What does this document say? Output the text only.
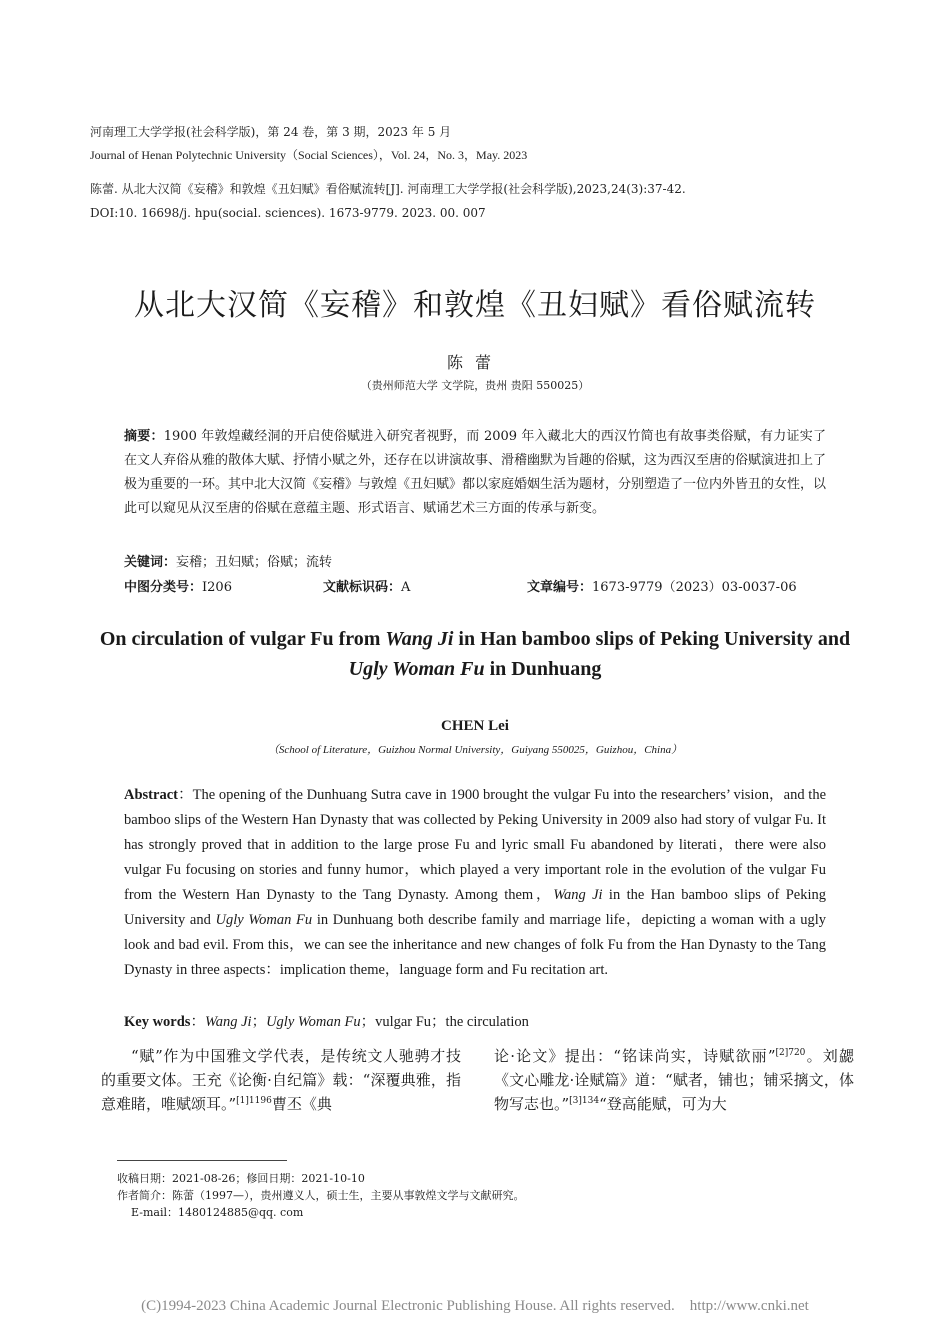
河南理工大学学报(社会科学版)，第 24 卷，第 3 期，2023 年 5 月
Journal of Henan Polytechnic University（Social Sciences），Vol. 24，No. 3，May. 2023
陈蕾. 从北大汉简《妄稽》和敦煌《丑妇赋》看俗赋流转[J]. 河南理工大学学报(社会科学版),2023,24(3):37-42.
DOI:10. 16698/j. hpu(social. sciences). 1673-9779. 2023. 00. 007
从北大汉简《妄稽》和敦煌《丑妇赋》看俗赋流转
陈蕾
（贵州师范大学 文学院，贵州 贵阳 550025）
摘要：1900 年敦煌藏经洞的开启使俗赋进入研究者视野，而 2009 年入藏北大的西汉竹简也有故事类俗赋，有力证实了在文人弃俗从雅的散体大赋、抒情小赋之外，还存在以讲演故事、滑稽幽默为旨趣的俗赋，这为西汉至唐的俗赋演进扣上了极为重要的一环。其中北大汉简《妄稽》与敦煌《丑妇赋》都以家庭婚姻生活为题材，分别塑造了一位内外皆丑的女性，以此可以窥见从汉至唐的俗赋在意蕴主题、形式语言、赋诵艺术三方面的传承与新变。
关键词：妄稽；丑妇赋；俗赋；流转
中图分类号：I206	文献标识码：A	文章编号：1673-9779（2023）03-0037-06
On circulation of vulgar Fu from Wang Ji in Han bamboo slips of Peking University and
Ugly Woman Fu in Dunhuang
CHEN Lei
（School of Literature，Guizhou Normal University，Guiyang 550025，Guizhou，China）
Abstract：The opening of the Dunhuang Sutra cave in 1900 brought the vulgar Fu into the researchers’ vision，and the bamboo slips of the Western Han Dynasty that was collected by Peking University in 2009 also had story of vulgar Fu. It has strongly proved that in addition to the large prose Fu and lyric small Fu abandoned by literati，there were also vulgar Fu focusing on stories and funny humor，which played a very important role in the evolution of the vulgar Fu from the Western Han Dynasty to the Tang Dynasty. Among them，Wang Ji in the Han bamboo slips of Peking University and Ugly Woman Fu in Dunhuang both describe family and marriage life，depicting a woman with a ugly look and bad evil. From this，we can see the inheritance and new changes of folk Fu from the Han Dynasty to the Tang Dynasty in three aspects：implication theme，language form and Fu recitation art.
Key words：Wang Ji；Ugly Woman Fu；vulgar Fu；the circulation
“赋”作为中国雅文学代表，是传统文人驰骋才技的重要文体。王充《论衡·自纪篇》载：“深覆典雅，指意难睹，唯赋颂耳。”$^{[1]1196}$曹丕《典
论·论文》提出：“铭诔尚实，诗赋欲丽”$^{[2]720}$。刘勰《文心雕龙·诠赋篇》道：“赋者，铺也；铺采摛文，体物写志也。”$^{[3]134}$“登高能赋，可为大
收稿日期：2021-08-26；修回日期：2021-10-10
作者简介：陈蕾（1997—），贵州遵义人，硕士生，主要从事敦煌文学与文献研究。
E-mail：1480124885@qq. com
(C)1994-2023 China Academic Journal Electronic Publishing House. All rights reserved.    http://www.cnki.net
